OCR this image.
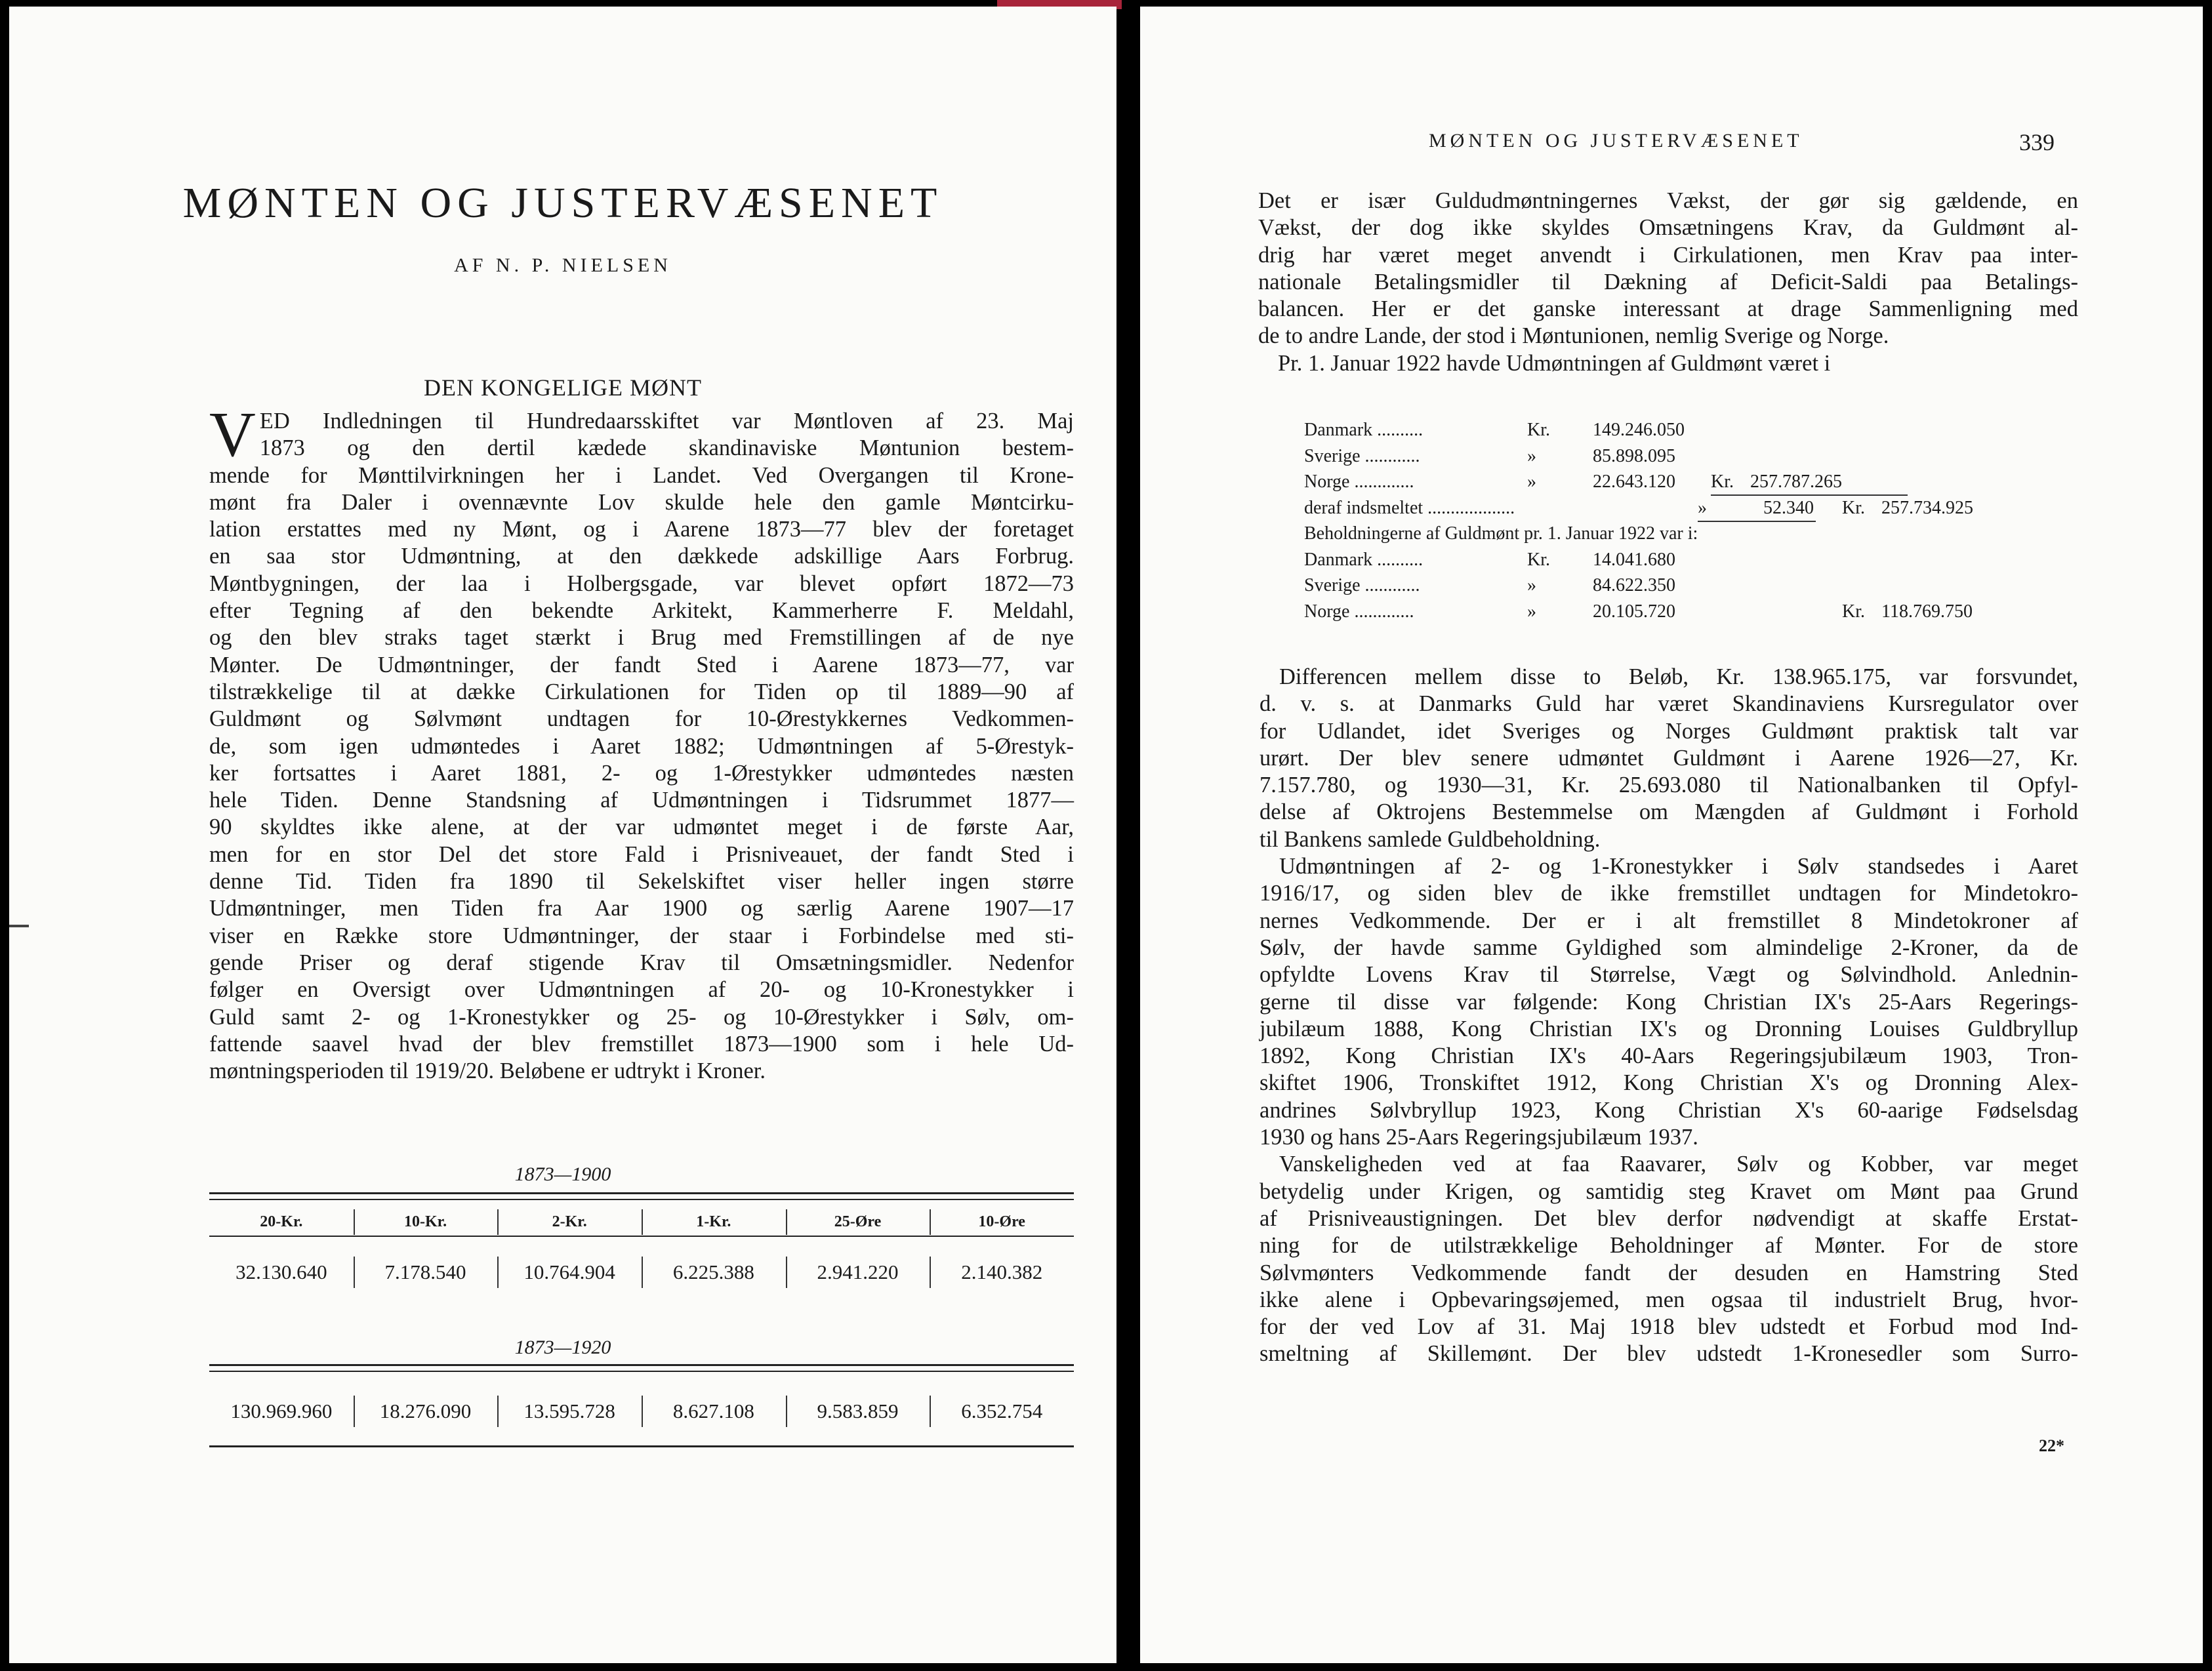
MØNTEN OG JUSTERVÆSENET
AF N. P. NIELSEN
DEN KONGELIGE MØNT
V ED Indledningen til Hundredaarsskiftet var Møntloven af 23. Maj
1873 og den dertil kædede skandinaviske Møntunion bestem-
mende for Mønttilvirkningen her i Landet. Ved Overgangen til Krone-
mønt fra Daler i ovennævnte Lov skulde hele den gamle Møntcirku-
lation erstattes med ny Mønt, og i Aarene 1873—77 blev der foretaget
en saa stor Udmøntning, at den dækkede adskillige Aars Forbrug.
Møntbygningen, der laa i Holbergsgade, var blevet opført 1872—73
efter Tegning af den bekendte Arkitekt, Kammerherre F. Meldahl,
og den blev straks taget stærkt i Brug med Fremstillingen af de nye
Mønter. De Udmøntninger, der fandt Sted i Aarene 1873—77, var
tilstrækkelige til at dække Cirkulationen for Tiden op til 1889—90 af
Guldmønt og Sølvmønt undtagen for 10-Ørestykkernes Vedkommen-
de, som igen udmøntedes i Aaret 1882; Udmøntningen af 5-Ørestyk-
ker fortsattes i Aaret 1881, 2- og 1-Ørestykker udmøntedes næsten
hele Tiden. Denne Standsning af Udmøntningen i Tidsrummet 1877—
90 skyldtes ikke alene, at der var udmøntet meget i de første Aar,
men for en stor Del det store Fald i Prisniveauet, der fandt Sted i
denne Tid. Tiden fra 1890 til Sekelskiftet viser heller ingen større
Udmøntninger, men Tiden fra Aar 1900 og særlig Aarene 1907—17
viser en Række store Udmøntninger, der staar i Forbindelse med sti-
gende Priser og deraf stigende Krav til Omsætningsmidler. Nedenfor
følger en Oversigt over Udmøntningen af 20- og 10-Kronestykker i
Guld samt 2- og 1-Kronestykker og 25- og 10-Ørestykker i Sølv, om-
fattende saavel hvad der blev fremstillet 1873—1900 som i hele Ud-
møntningsperioden til 1919/20. Beløbene er udtrykt i Kroner.
1873—1900
20-Kr.	10-Kr.	2-Kr.	1-Kr.	25-Øre	10-Øre
32.130.640	7.178.540	10.764.904	6.225.388	2.941.220	2.140.382
1873—1920
130.969.960	18.276.090	13.595.728	8.627.108	9.583.859	6.352.754
MØNTEN OG JUSTERVÆSENET	339
Det er især Guldudmøntningernes Vækst, der gør sig gældende, en
Vækst, der dog ikke skyldes Omsætningens Krav, da Guldmønt al-
drig har været meget anvendt i Cirkulationen, men Krav paa inter-
nationale Betalingsmidler til Dækning af Deficit-Saldi paa Betalings-
balancen. Her er det ganske interessant at drage Sammenligning med
de to andre Lande, der stod i Møntunionen, nemlig Sverige og Norge.
Pr. 1. Januar 1922 havde Udmøntningen af Guldmønt været i
Danmark ..........	Kr. 149.246.050
Sverige ............	»	85.898.095
Norge .............	»	22.643.120 Kr. 257.787.265
deraf indsmeltet ...................	»	52.340 Kr. 257.734.925
Beholdningerne af Guldmønt pr. 1. Januar 1922 var i:
Danmark ..........	Kr. 14.041.680
Sverige ............	»	84.622.350
Norge .............	»	20.105.720	Kr. 118.769.750
Differencen mellem disse to Beløb, Kr. 138.965.175, var forsvundet,
d. v. s. at Danmarks Guld har været Skandinaviens Kursregulator over
for Udlandet, idet Sveriges og Norges Guldmønt praktisk talt var
urørt. Der blev senere udmøntet Guldmønt i Aarene 1926—27, Kr.
7.157.780, og 1930—31, Kr. 25.693.080 til Nationalbanken til Opfyl-
delse af Oktrojens Bestemmelse om Mængden af Guldmønt i Forhold
til Bankens samlede Guldbeholdning.
Udmøntningen af 2- og 1-Kronestykker i Sølv standsedes i Aaret
1916/17, og siden blev de ikke fremstillet undtagen for Mindetokro-
nernes Vedkommende. Der er i alt fremstillet 8 Mindetokroner af
Sølv, der havde samme Gyldighed som almindelige 2-Kroner, da de
opfyldte Lovens Krav til Størrelse, Vægt og Sølvindhold. Anlednin-
gerne til disse var følgende: Kong Christian IX's 25-Aars Regerings-
jubilæum 1888, Kong Christian IX's og Dronning Louises Guldbryllup
1892, Kong Christian IX's 40-Aars Regeringsjubilæum 1903, Tron-
skiftet 1906, Tronskiftet 1912, Kong Christian X's og Dronning Alex-
andrines Sølvbryllup 1923, Kong Christian X's 60-aarige Fødselsdag
1930 og hans 25-Aars Regeringsjubilæum 1937.
Vanskeligheden ved at faa Raavarer, Sølv og Kobber, var meget
betydelig under Krigen, og samtidig steg Kravet om Mønt paa Grund
af Prisniveaustigningen. Det blev derfor nødvendigt at skaffe Erstat-
ning for de utilstrækkelige Beholdninger af Mønter. For de store
Sølvmønters Vedkommende fandt der desuden en Hamstring Sted
ikke alene i Opbevaringsøjemed, men ogsaa til industrielt Brug, hvor-
for der ved Lov af 31. Maj 1918 blev udstedt et Forbud mod Ind-
smeltning af Skillemønt. Der blev udstedt 1-Kronesedler som Surro-
22*
